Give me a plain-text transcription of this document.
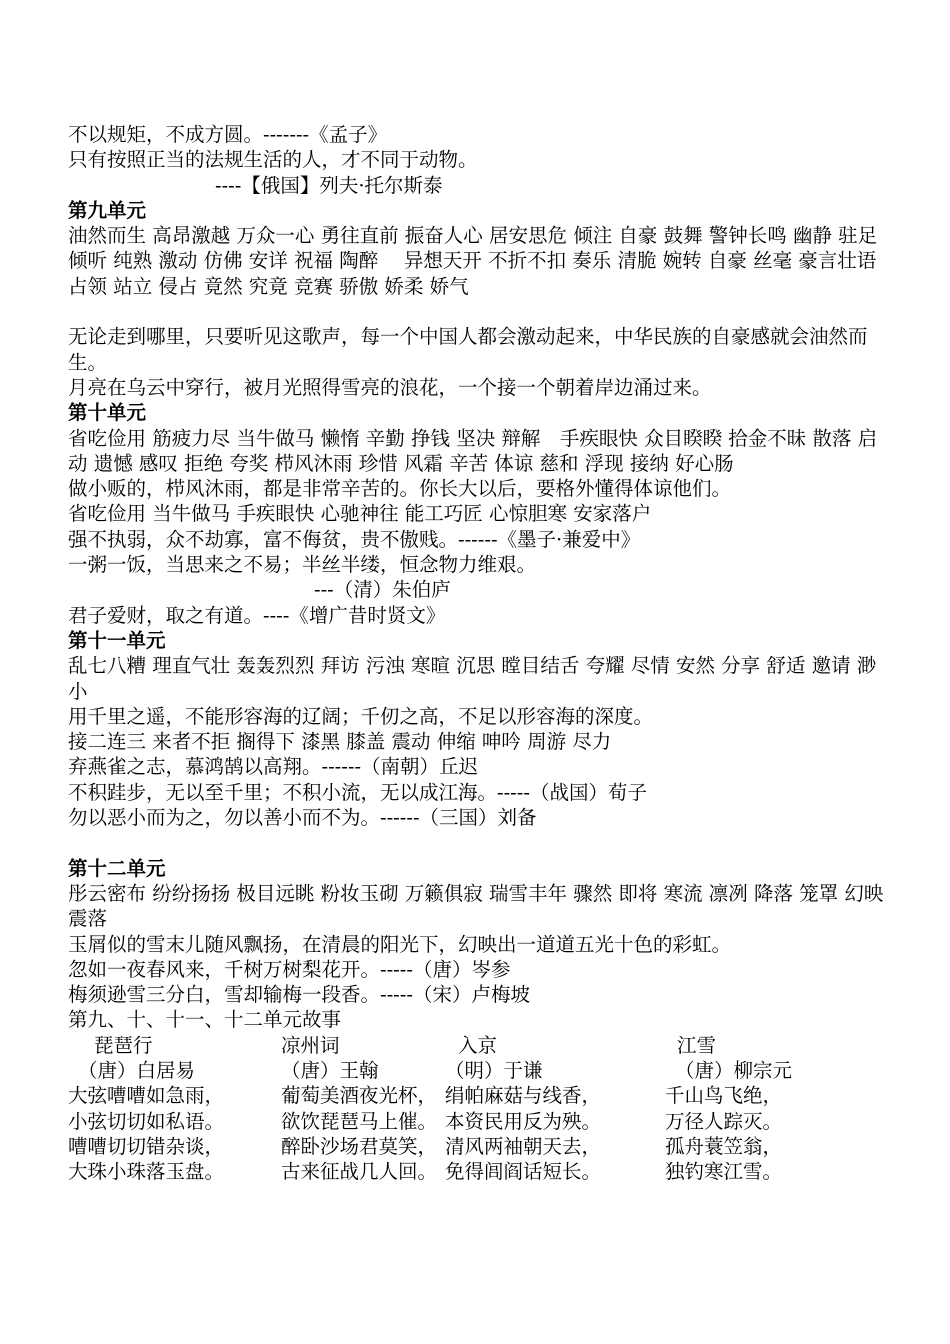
不以规矩，不成方圆。-------《孟子》
只有按照正当的法规生活的人，才不同于动物。
----【俄国】列夫·托尔斯泰
第九单元
油然而生 高昂激越 万众一心 勇往直前 振奋人心 居安思危 倾注 自豪 鼓舞 警钟长鸣 幽静 驻足 倾听 纯熟 激动 仿佛 安详 祝福 陶醉　 异想天开 不折不扣 奏乐 清脆 婉转 自豪 丝毫 豪言壮语 占领 站立 侵占 竟然 究竟 竞赛 骄傲 娇柔 娇气
无论走到哪里，只要听见这歌声，每一个中国人都会激动起来，中华民族的自豪感就会油然而生。
月亮在乌云中穿行，被月光照得雪亮的浪花，一个接一个朝着岸边涌过来。
第十单元
省吃俭用 筋疲力尽 当牛做马 懒惰 辛勤 挣钱 坚决 辩解　手疾眼快 众目睽睽 拾金不昧 散落 启动 遗憾 感叹 拒绝 夸奖 栉风沐雨 珍惜 风霜 辛苦 体谅 慈和 浮现 接纳 好心肠
做小贩的，栉风沐雨，都是非常辛苦的。你长大以后，要格外懂得体谅他们。
省吃俭用 当牛做马 手疾眼快 心驰神往 能工巧匠 心惊胆寒 安家落户
强不执弱，众不劫寡，富不侮贫，贵不傲贱。------《墨子·兼爱中》
一粥一饭，当思来之不易；半丝半缕，恒念物力维艰。
---（清）朱伯庐
君子爱财，取之有道。----《增广昔时贤文》
第十一单元
乱七八糟 理直气壮 轰轰烈烈 拜访 污浊 寒暄 沉思 瞠目结舌 夸耀 尽情 安然 分享 舒适 邀请 渺小
用千里之遥，不能形容海的辽阔；千仞之高，不足以形容海的深度。
接二连三 来者不拒 搁得下 漆黑 膝盖 震动 伸缩 呻吟 周游 尽力
弃燕雀之志，慕鸿鹄以高翔。------（南朝）丘迟
不积跬步，无以至千里；不积小流，无以成江海。-----（战国）荀子
勿以恶小而为之，勿以善小而不为。------（三国）刘备
第十二单元
彤云密布 纷纷扬扬 极目远眺 粉妆玉砌 万籁俱寂 瑞雪丰年 骤然 即将 寒流 凛冽 降落 笼罩 幻映 震落
玉屑似的雪末儿随风飘扬，在清晨的阳光下，幻映出一道道五光十色的彩虹。
忽如一夜春风来，千树万树梨花开。-----（唐）岑参
梅须逊雪三分白，雪却输梅一段香。-----（宋）卢梅坡
第九、十、十一、十二单元故事
琵琶行	凉州词	入京	江雪
（唐）白居易	（唐）王翰	（明）于谦	（唐）柳宗元
大弦嘈嘈如急雨，	葡萄美酒夜光杯，	绢帕麻菇与线香，	千山鸟飞绝，
小弦切切如私语。	欲饮琵琶马上催。	本资民用反为殃。	万径人踪灭。
嘈嘈切切错杂谈，	醉卧沙场君莫笑，	清风两袖朝天去，	孤舟蓑笠翁，
大珠小珠落玉盘。	古来征战几人回。	免得闾阎话短长。	独钓寒江雪。
